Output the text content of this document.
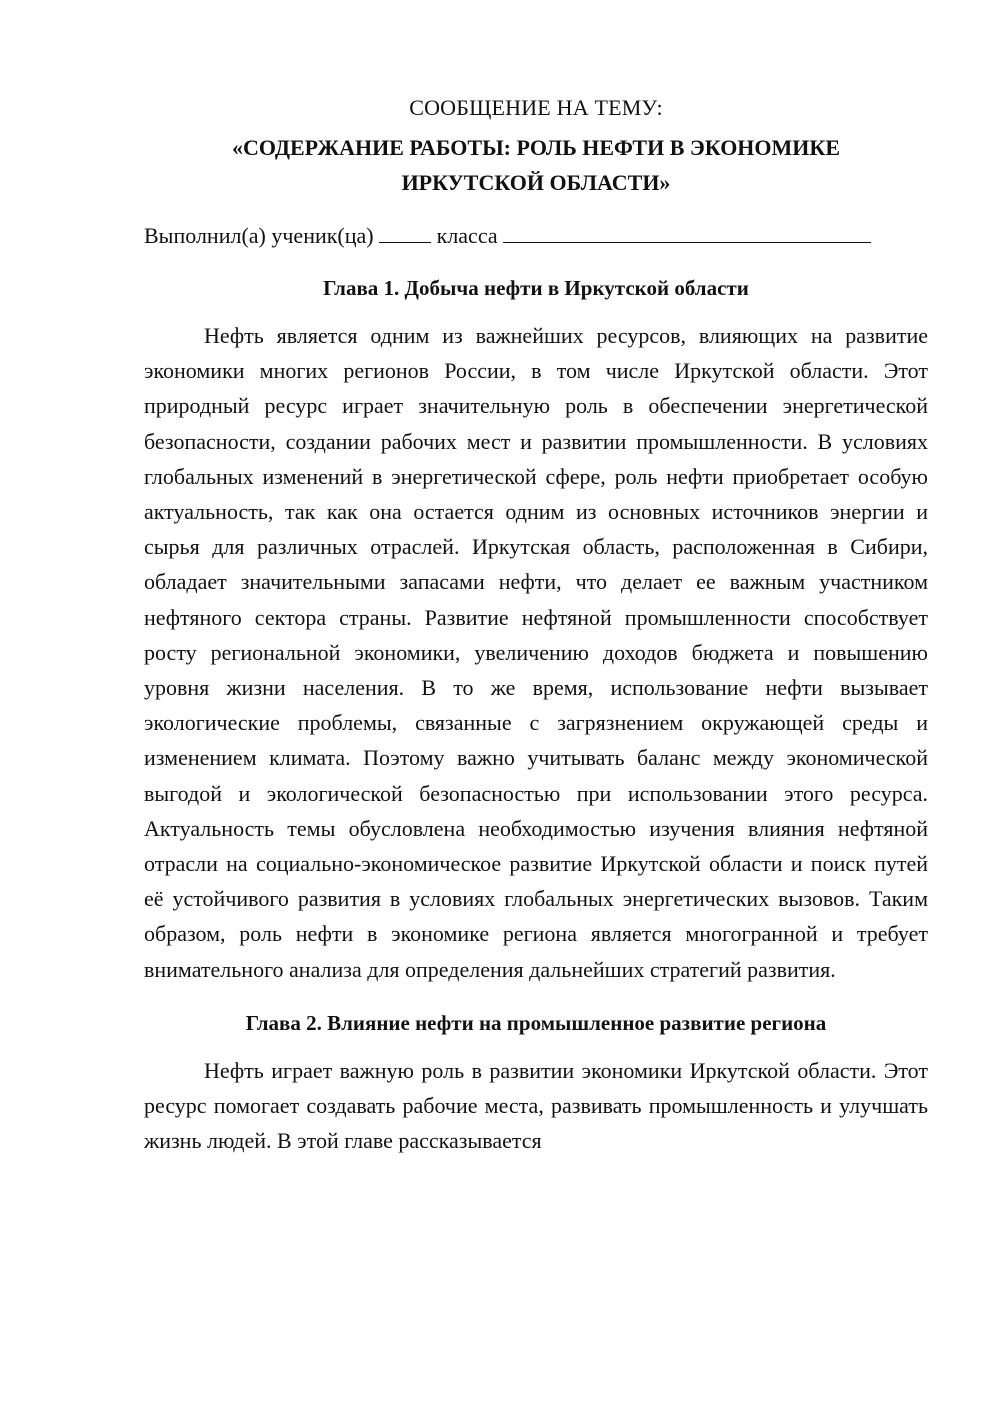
СООБЩЕНИЕ НА ТЕМУ:

«СОДЕРЖАНИЕ РАБОТЫ: РОЛЬ НЕФТИ В ЭКОНОМИКЕ
ИРКУТСКОЙ ОБЛАСТИ»

Выполнил(а) ученик(ца)	класса

Глава 1. Добыча нефти в Иркутской области

Нефть является одним из важнейших ресурсов, влияющих на развитие экономики многих регионов России, в том числе Иркутской области. Этот природный ресурс играет значительную роль в обеспечении энергетической безопасности, создании рабочих мест и развитии промышленности. В условиях глобальных изменений в энергетической сфере, роль нефти приобретает особую актуальность, так как она остается одним из основных источников энергии и сырья для различных отраслей. Иркутская область, расположенная в Сибири, обладает значительными запасами нефти, что делает ее важным участником нефтяного сектора страны. Развитие нефтяной промышленности способствует росту региональной экономики, увеличению доходов бюджета и повышению уровня жизни населения. В то же время, использование нефти вызывает экологические проблемы, связанные с загрязнением окружающей среды и изменением климата. Поэтому важно учитывать баланс между экономической выгодой и экологической безопасностью при использовании этого ресурса. Актуальность темы обусловлена необходимостью изучения влияния нефтяной отрасли на социально-экономическое развитие Иркутской области и поиск путей её устойчивого развития в условиях глобальных энергетических вызовов. Таким образом, роль нефти в экономике региона является многогранной и требует внимательного анализа для определения дальнейших стратегий развития.

Глава 2. Влияние нефти на промышленное развитие региона

Нефть играет важную роль в развитии экономики Иркутской области. Этот ресурс помогает создавать рабочие места, развивать промышленность и улучшать жизнь людей. В этой главе рассказывается
